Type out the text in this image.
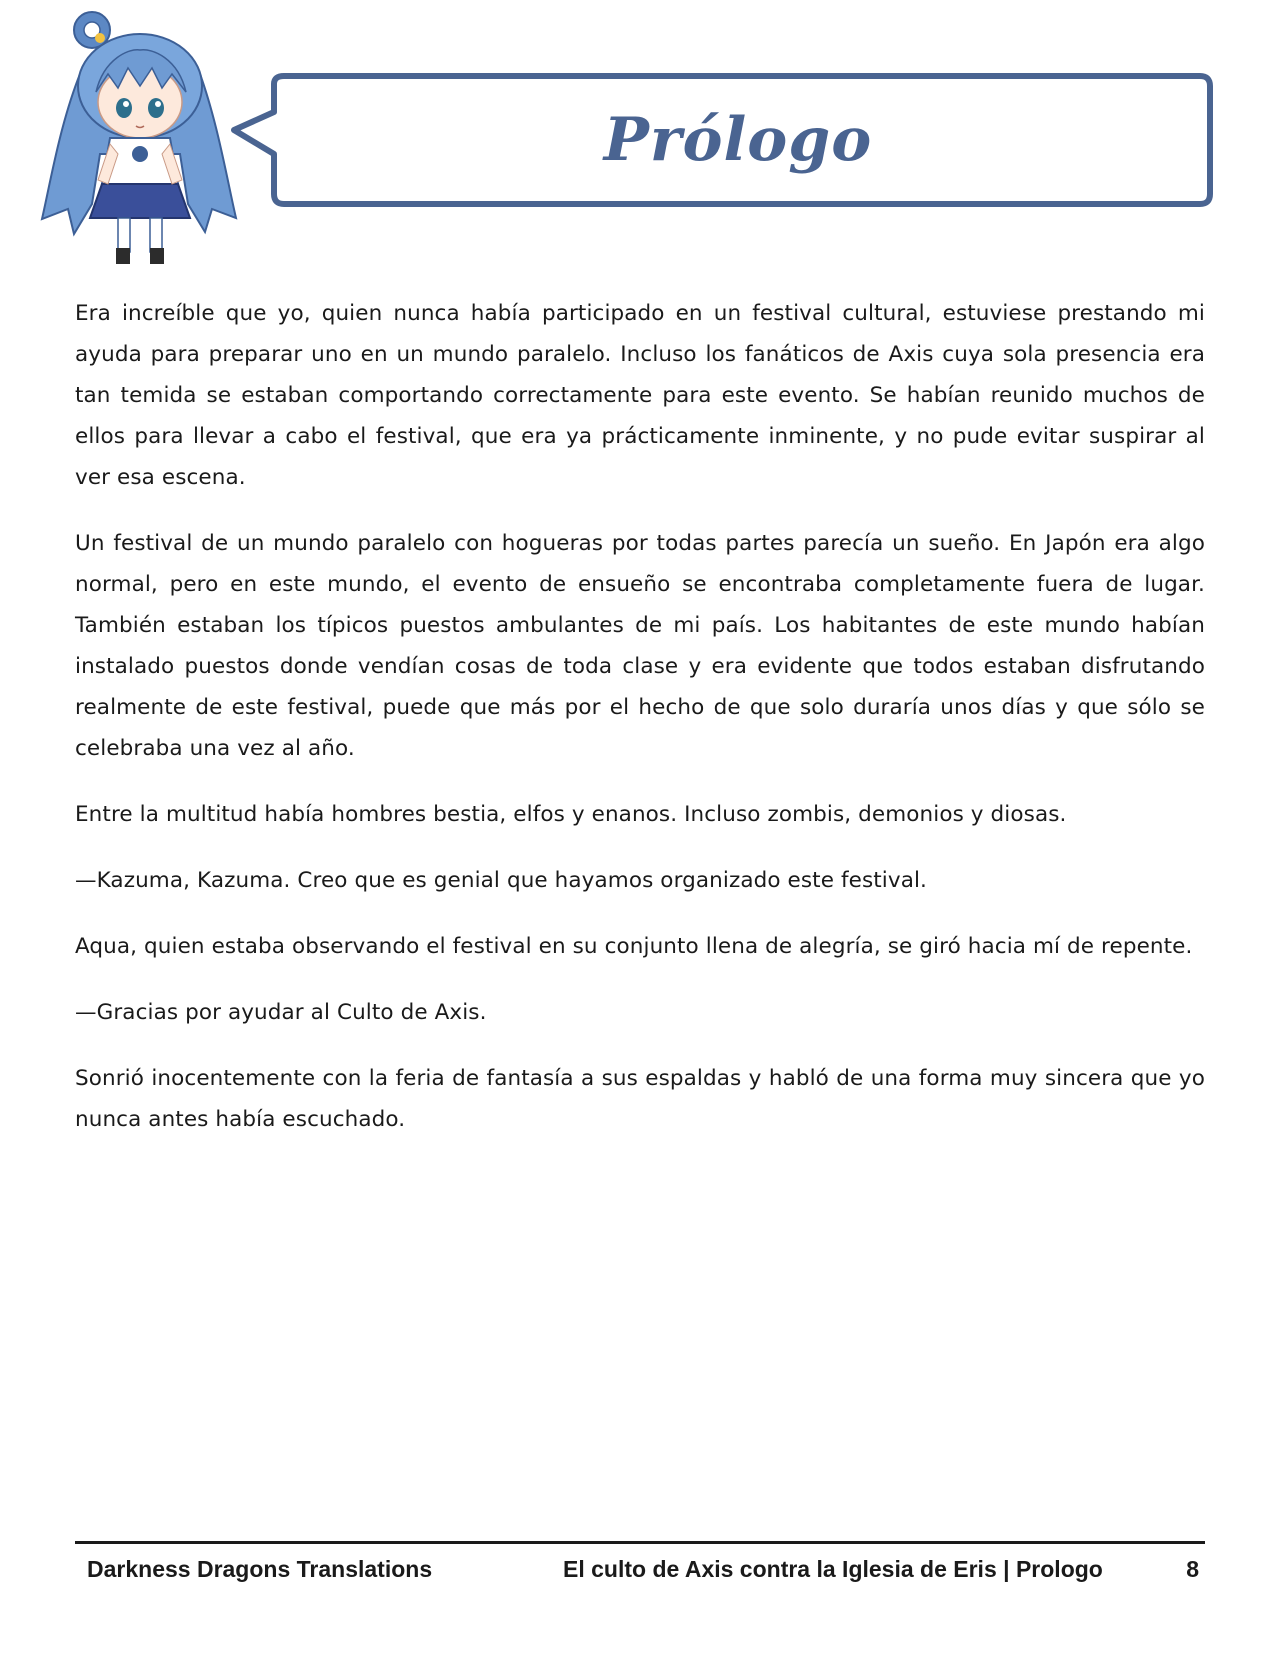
Prólogo

Era increíble que yo, quien nunca había participado en un festival cultural, estuviese prestando mi ayuda para preparar uno en un mundo paralelo. Incluso los fanáticos de Axis cuya sola presencia era tan temida se estaban comportando correctamente para este evento. Se habían reunido muchos de ellos para llevar a cabo el festival, que era ya prácticamente inminente, y no pude evitar suspirar al ver esa escena.

Un festival de un mundo paralelo con hogueras por todas partes parecía un sueño. En Japón era algo normal, pero en este mundo, el evento de ensueño se encontraba completamente fuera de lugar. También estaban los típicos puestos ambulantes de mi país. Los habitantes de este mundo habían instalado puestos donde vendían cosas de toda clase y era evidente que todos estaban disfrutando realmente de este festival, puede que más por el hecho de que solo duraría unos días y que sólo se celebraba una vez al año.

Entre la multitud había hombres bestia, elfos y enanos. Incluso zombis, demonios y diosas.

—Kazuma, Kazuma. Creo que es genial que hayamos organizado este festival.

Aqua, quien estaba observando el festival en su conjunto llena de alegría, se giró hacia mí de repente.

—Gracias por ayudar al Culto de Axis.

Sonrió inocentemente con la feria de fantasía a sus espaldas y habló de una forma muy sincera que yo nunca antes había escuchado.

Darkness Dragons Translations	El culto de Axis contra la Iglesia de Eris | Prologo	8
